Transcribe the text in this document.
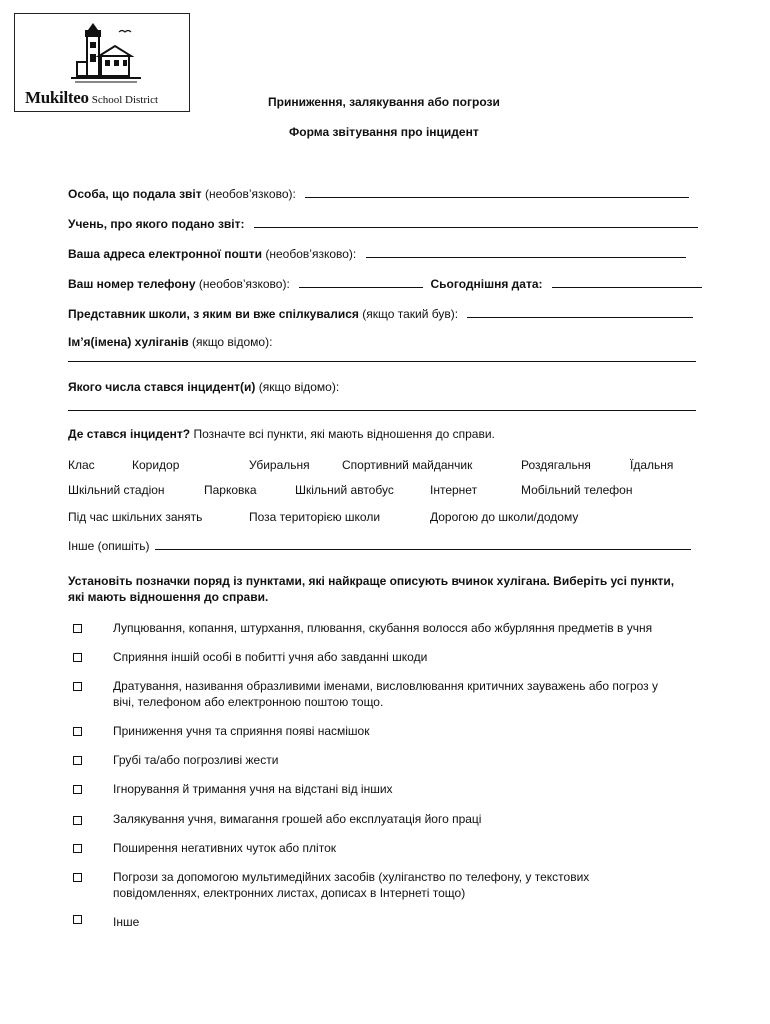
Mukilteo School District	Приниження, залякування або погрози
Форма звітування про інцидент
Особа, що подала звіт (необов’язково):
Учень, про якого подано звіт:
Ваша адреса електронної пошти (необов’язково):
Ваш номер телефону (необов’язково):	Сьогоднішня дата:
Представник школи, з яким ви вже спілкувалися (якщо такий був):
Ім’я(імена) хуліганів (якщо відомо):
Якого числа стався інцидент(и) (якщо відомо):
Де стався інцидент? Позначте всі пункти, які мають відношення до справи.
Клас	Коридор	Убиральня	Спортивний майданчик	Роздягальня	Їдальня
Шкільний стадіон	Парковка	Шкільний автобус	Інтернет	Мобільний телефон
Під час шкільних занять	Поза територією школи	Дорогою до школи/додому
Інше (опишіть)
Установіть позначки поряд із пунктами, які найкраще описують вчинок хулігана. Виберіть усі пункти,
які мають відношення до справи.
Лупцювання, копання, штурхання, плювання, скубання волосся або жбурляння предметів в учня
Сприяння іншій особі в побитті учня або завданні шкоди
Дратування, називання образливими іменами, висловлювання критичних зауважень або погроз у
вічі, телефоном або електронною поштою тощо.
Приниження учня та сприяння появі насмішок
Грубі та/або погрозливі жести
Ігнорування й тримання учня на відстані від інших
Залякування учня, вимагання грошей або експлуатація його праці
Поширення негативних чуток або пліток
Погрози за допомогою мультимедійних засобів (хуліганство по телефону, у текстових
повідомленнях, електронних листах, дописах в Інтернеті тощо)
Інше
